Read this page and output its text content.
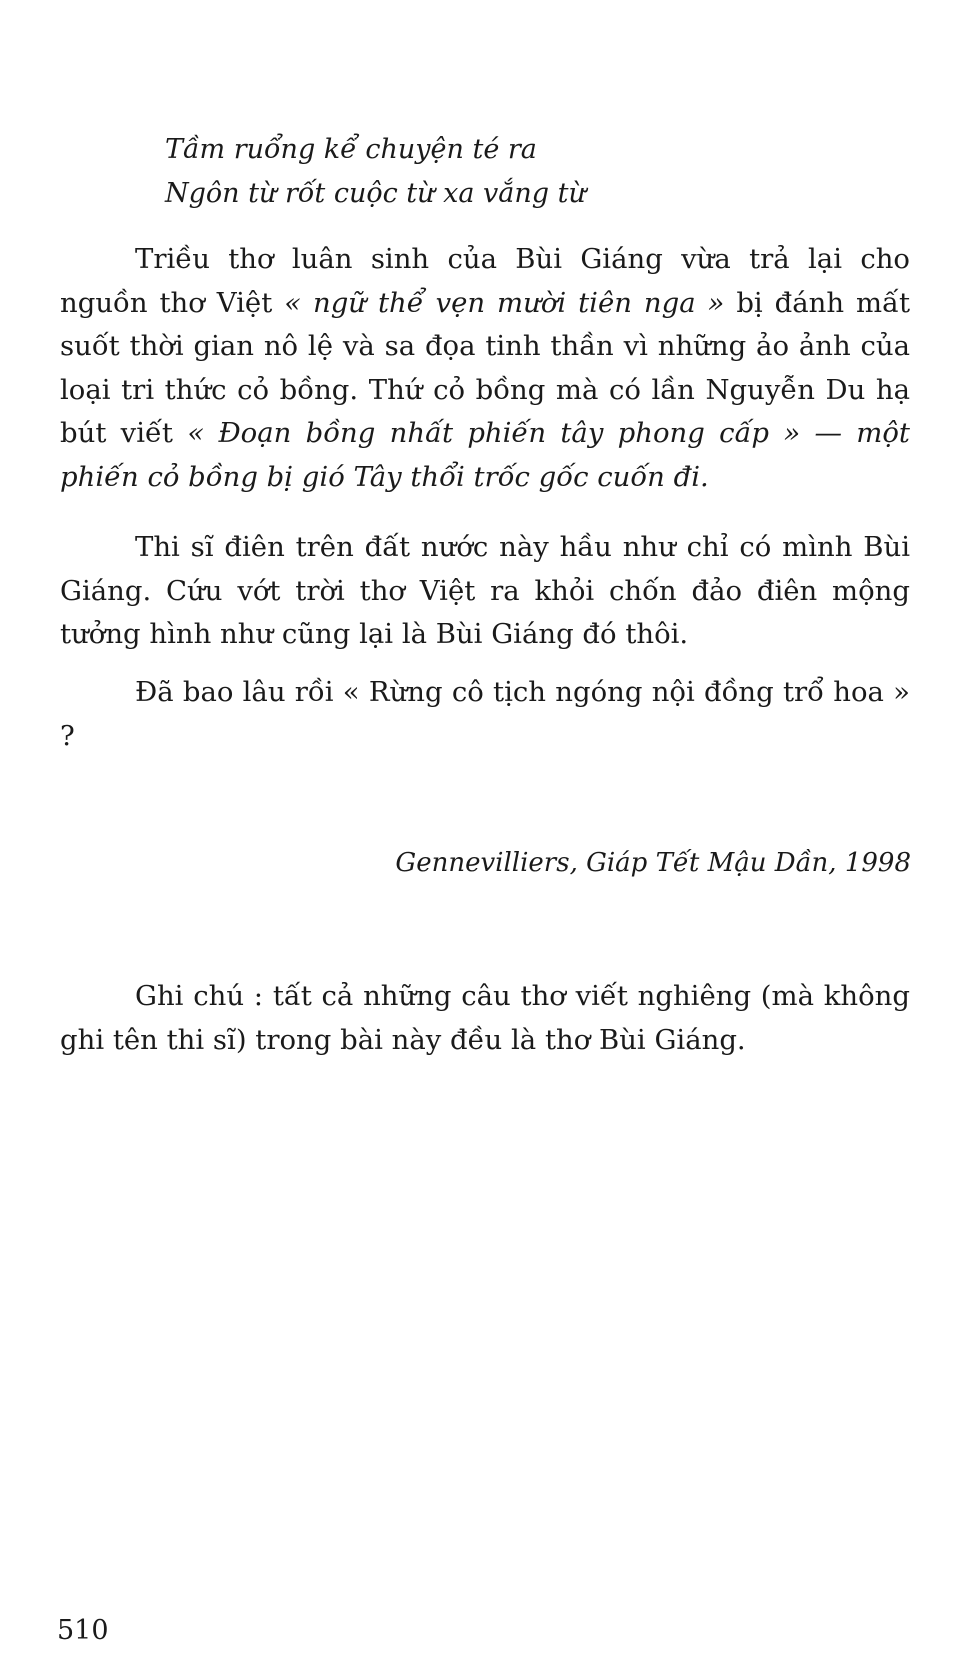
Tầm ruổng kể chuyện té ra
Ngôn từ rốt cuộc từ xa vắng từ
Triều thơ luân sinh của Bùi Giáng vừa trả lại cho nguồn thơ Việt « ngữ thể vẹn mười tiên nga » bị đánh mất suốt thời gian nô lệ và sa đọa tinh thần vì những ảo ảnh của loại tri thức cỏ bồng. Thứ cỏ bồng mà có lần Nguyễn Du hạ bút viết « Đoạn bồng nhất phiến tây phong cấp » — một phiến cỏ bồng bị gió Tây thổi trốc gốc cuốn đi.
Thi sĩ điên trên đất nước này hầu như chỉ có mình Bùi Giáng. Cứu vớt trời thơ Việt ra khỏi chốn đảo điên mộng tưởng hình như cũng lại là Bùi Giáng đó thôi.
Đã bao lâu rồi « Rừng cô tịch ngóng nội đồng trổ hoa » ?
Gennevilliers, Giáp Tết Mậu Dần, 1998
Ghi chú : tất cả những câu thơ viết nghiêng (mà không ghi tên thi sĩ) trong bài này đều là thơ Bùi Giáng.
510
